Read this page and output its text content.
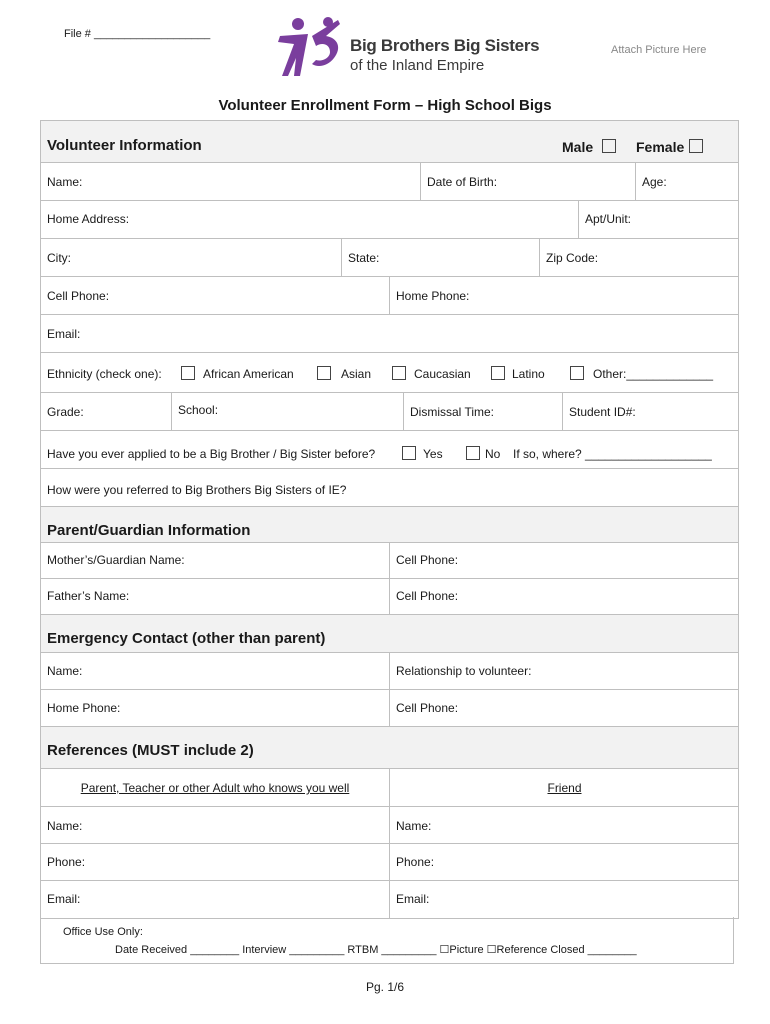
File # ___________________
Big Brothers Big Sisters
of the Inland Empire
Attach Picture Here
Volunteer Enrollment Form – High School Bigs
Volunteer Information	Male	Female
Name:	Date of Birth:	Age:
Home Address:	Apt/Unit:
City:	State:	Zip Code:
Cell Phone:	Home Phone:
Email:
Ethnicity (check one):	African American	Asian	Caucasian	Latino	Other:_____________
Grade:	School:	Dismissal Time:	Student ID#:
Have you ever applied to be a Big Brother / Big Sister before?	Yes	No If so, where? ___________________
How were you referred to Big Brothers Big Sisters of IE?
Parent/Guardian Information
Mother’s/Guardian Name:	Cell Phone:
Father’s Name:	Cell Phone:
Emergency Contact (other than parent)
Name:	Relationship to volunteer:
Home Phone:	Cell Phone:
References (MUST include 2)
Parent, Teacher or other Adult who knows you well	Friend
Name:	Name:
Phone:	Phone:
Email:	Email:
Office Use Only:
Date Received ________ Interview _________ RTBM _________ ☐Picture ☐Reference Closed ________
Pg. 1/6
